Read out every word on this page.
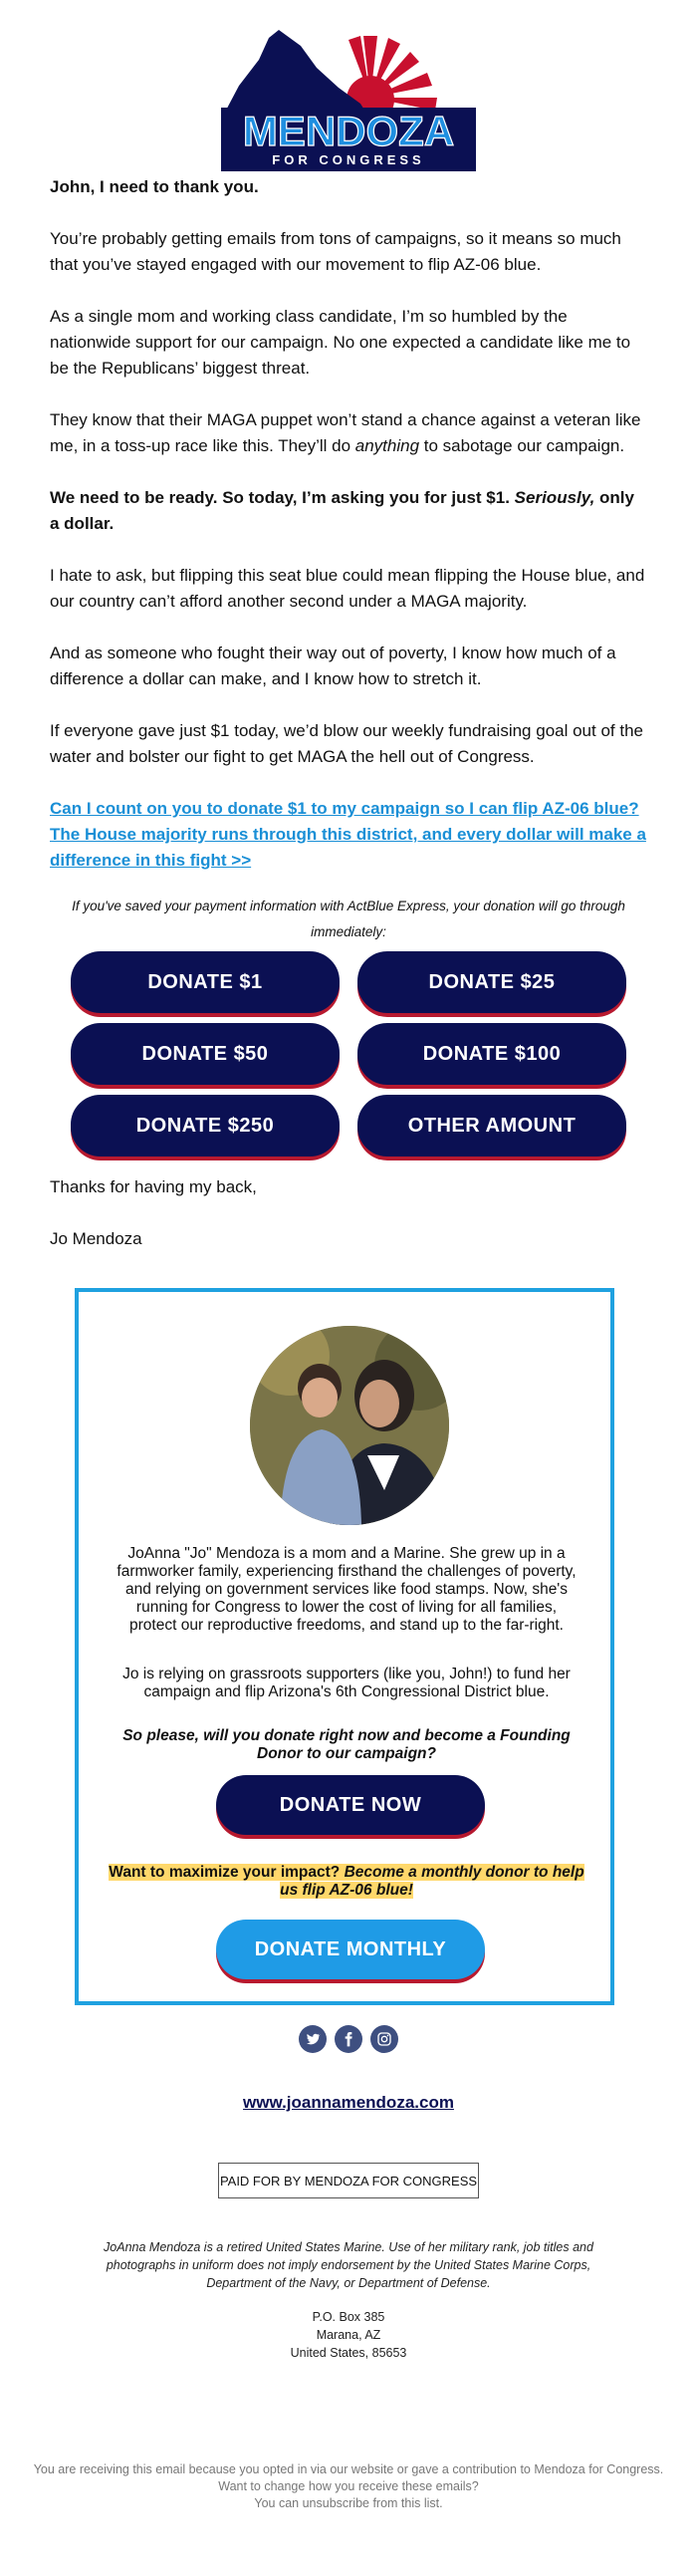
MENDOZA
FOR CONGRESS

John, I need to thank you.

You’re probably getting emails from tons of campaigns, so it means so much that you’ve stayed engaged with our movement to flip AZ-06 blue.

As a single mom and working class candidate, I’m so humbled by the nationwide support for our campaign. No one expected a candidate like me to be the Republicans’ biggest threat.

They know that their MAGA puppet won’t stand a chance against a veteran like me, in a toss-up race like this. They’ll do anything to sabotage our campaign.

We need to be ready. So today, I’m asking you for just $1. Seriously, only a dollar.

I hate to ask, but flipping this seat blue could mean flipping the House blue, and our country can’t afford another second under a MAGA majority.

And as someone who fought their way out of poverty, I know how much of a difference a dollar can make, and I know how to stretch it.

If everyone gave just $1 today, we’d blow our weekly fundraising goal out of the water and bolster our fight to get MAGA the hell out of Congress.

Can I count on you to donate $1 to my campaign so I can flip AZ-06 blue? The House majority runs through this district, and every dollar will make a difference in this fight >>

If you've saved your payment information with ActBlue Express, your donation will go through immediately:

DONATE $1	DONATE $25
DONATE $50	DONATE $100
DONATE $250	OTHER AMOUNT

Thanks for having my back,

Jo Mendoza

JoAnna "Jo" Mendoza is a mom and a Marine. She grew up in a farmworker family, experiencing firsthand the challenges of poverty, and relying on government services like food stamps. Now, she's running for Congress to lower the cost of living for all families, protect our reproductive freedoms, and stand up to the far-right.
Jo is relying on grassroots supporters (like you, John!) to fund her campaign and flip Arizona's 6th Congressional District blue.
So please, will you donate right now and become a Founding Donor to our campaign?
DONATE NOW
Want to maximize your impact? Become a monthly donor to help us flip AZ-06 blue!
DONATE MONTHLY
www.joannamendoza.com
PAID FOR BY MENDOZA FOR CONGRESS
JoAnna Mendoza is a retired United States Marine. Use of her military rank, job titles and photographs in uniform does not imply endorsement by the United States Marine Corps, Department of the Navy, or Department of Defense.
P.O. Box 385
Marana, AZ
United States, 85653
You are receiving this email because you opted in via our website or gave a contribution to Mendoza for Congress. Want to change how you receive these emails?
You can unsubscribe from this list.
